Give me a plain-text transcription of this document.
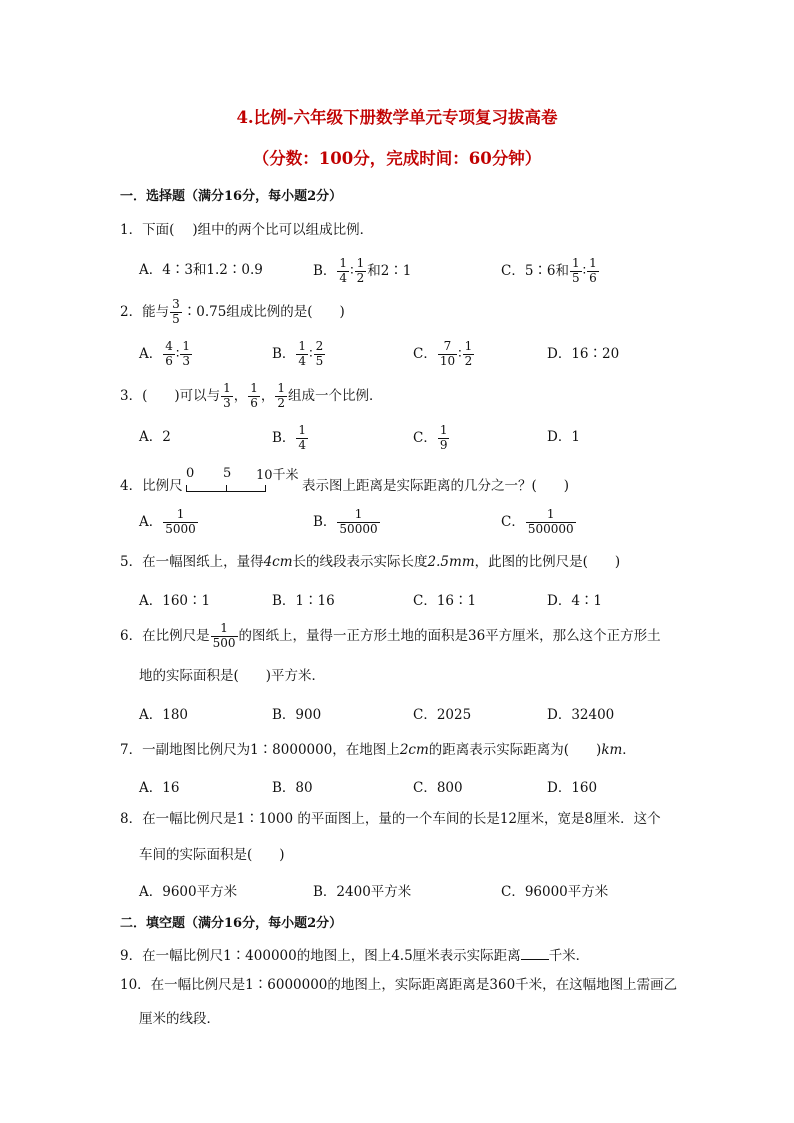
4.比例-六年级下册数学单元专项复习拔高卷
（分数：100分，完成时间：60分钟）
一．选择题（满分16分，每小题2分）
1．下面( )组中的两个比可以组成比例．
A．4∶3和1.2∶0.9	B． $\frac{1}{4}$ ∶ $\frac{1}{2}$ 和2∶1	C．5∶6和 $\frac{1}{5}$ ∶ $\frac{1}{6}$
2．能与 $\frac{3}{5}$ ∶0.75组成比例的是(　　)
A． $\frac{4}{6}$ ∶ $\frac{1}{3}$	B． $\frac{1}{4}$ ∶ $\frac{2}{5}$	C． $\frac{7}{10}$ ∶ $\frac{1}{2}$	D．16∶20
3．(　　)可以与 $\frac{1}{3}$ ， $\frac{1}{6}$ ， $\frac{1}{2}$ 组成一个比例．
A．2	B． $\frac{1}{4}$	C． $\frac{1}{9}$	D．1
4．比例尺
0 5 10千米
表示图上距离是实际距离的几分之一？(　　)
A． $\frac{1}{5000}$	B． $\frac{1}{50000}$	C． $\frac{1}{500000}$
5．在一幅图纸上，量得4cm长的线段表示实际长度2.5mm，此图的比例尺是(　　)
A．160∶1	B．1∶16	C．16∶1	D．4∶1
6．在比例尺是 $\frac{1}{500}$ 的图纸上，量得一正方形土地的面积是36平方厘米，那么这个正方形土
地的实际面积是(　　)平方米．
A．180	B．900	C．2025	D．32400
7．一副地图比例尺为1∶8000000，在地图上2cm的距离表示实际距离为(　　)km．
A．16	B．80	C．800	D．160
8．在一幅比例尺是1∶1000 的平面图上，量的一个车间的长是12厘米，宽是8厘米．这个
车间的实际面积是(　　)
A．9600平方米	B．2400平方米	C．96000平方米
二．填空题（满分16分，每小题2分）
9．在一幅比例尺1∶400000的地图上，图上4.5厘米表示实际距离 千米．
10．在一幅比例尺是1∶6000000的地图上，实际距离距离是360千米，在这幅地图上需画乙
厘米的线段．
